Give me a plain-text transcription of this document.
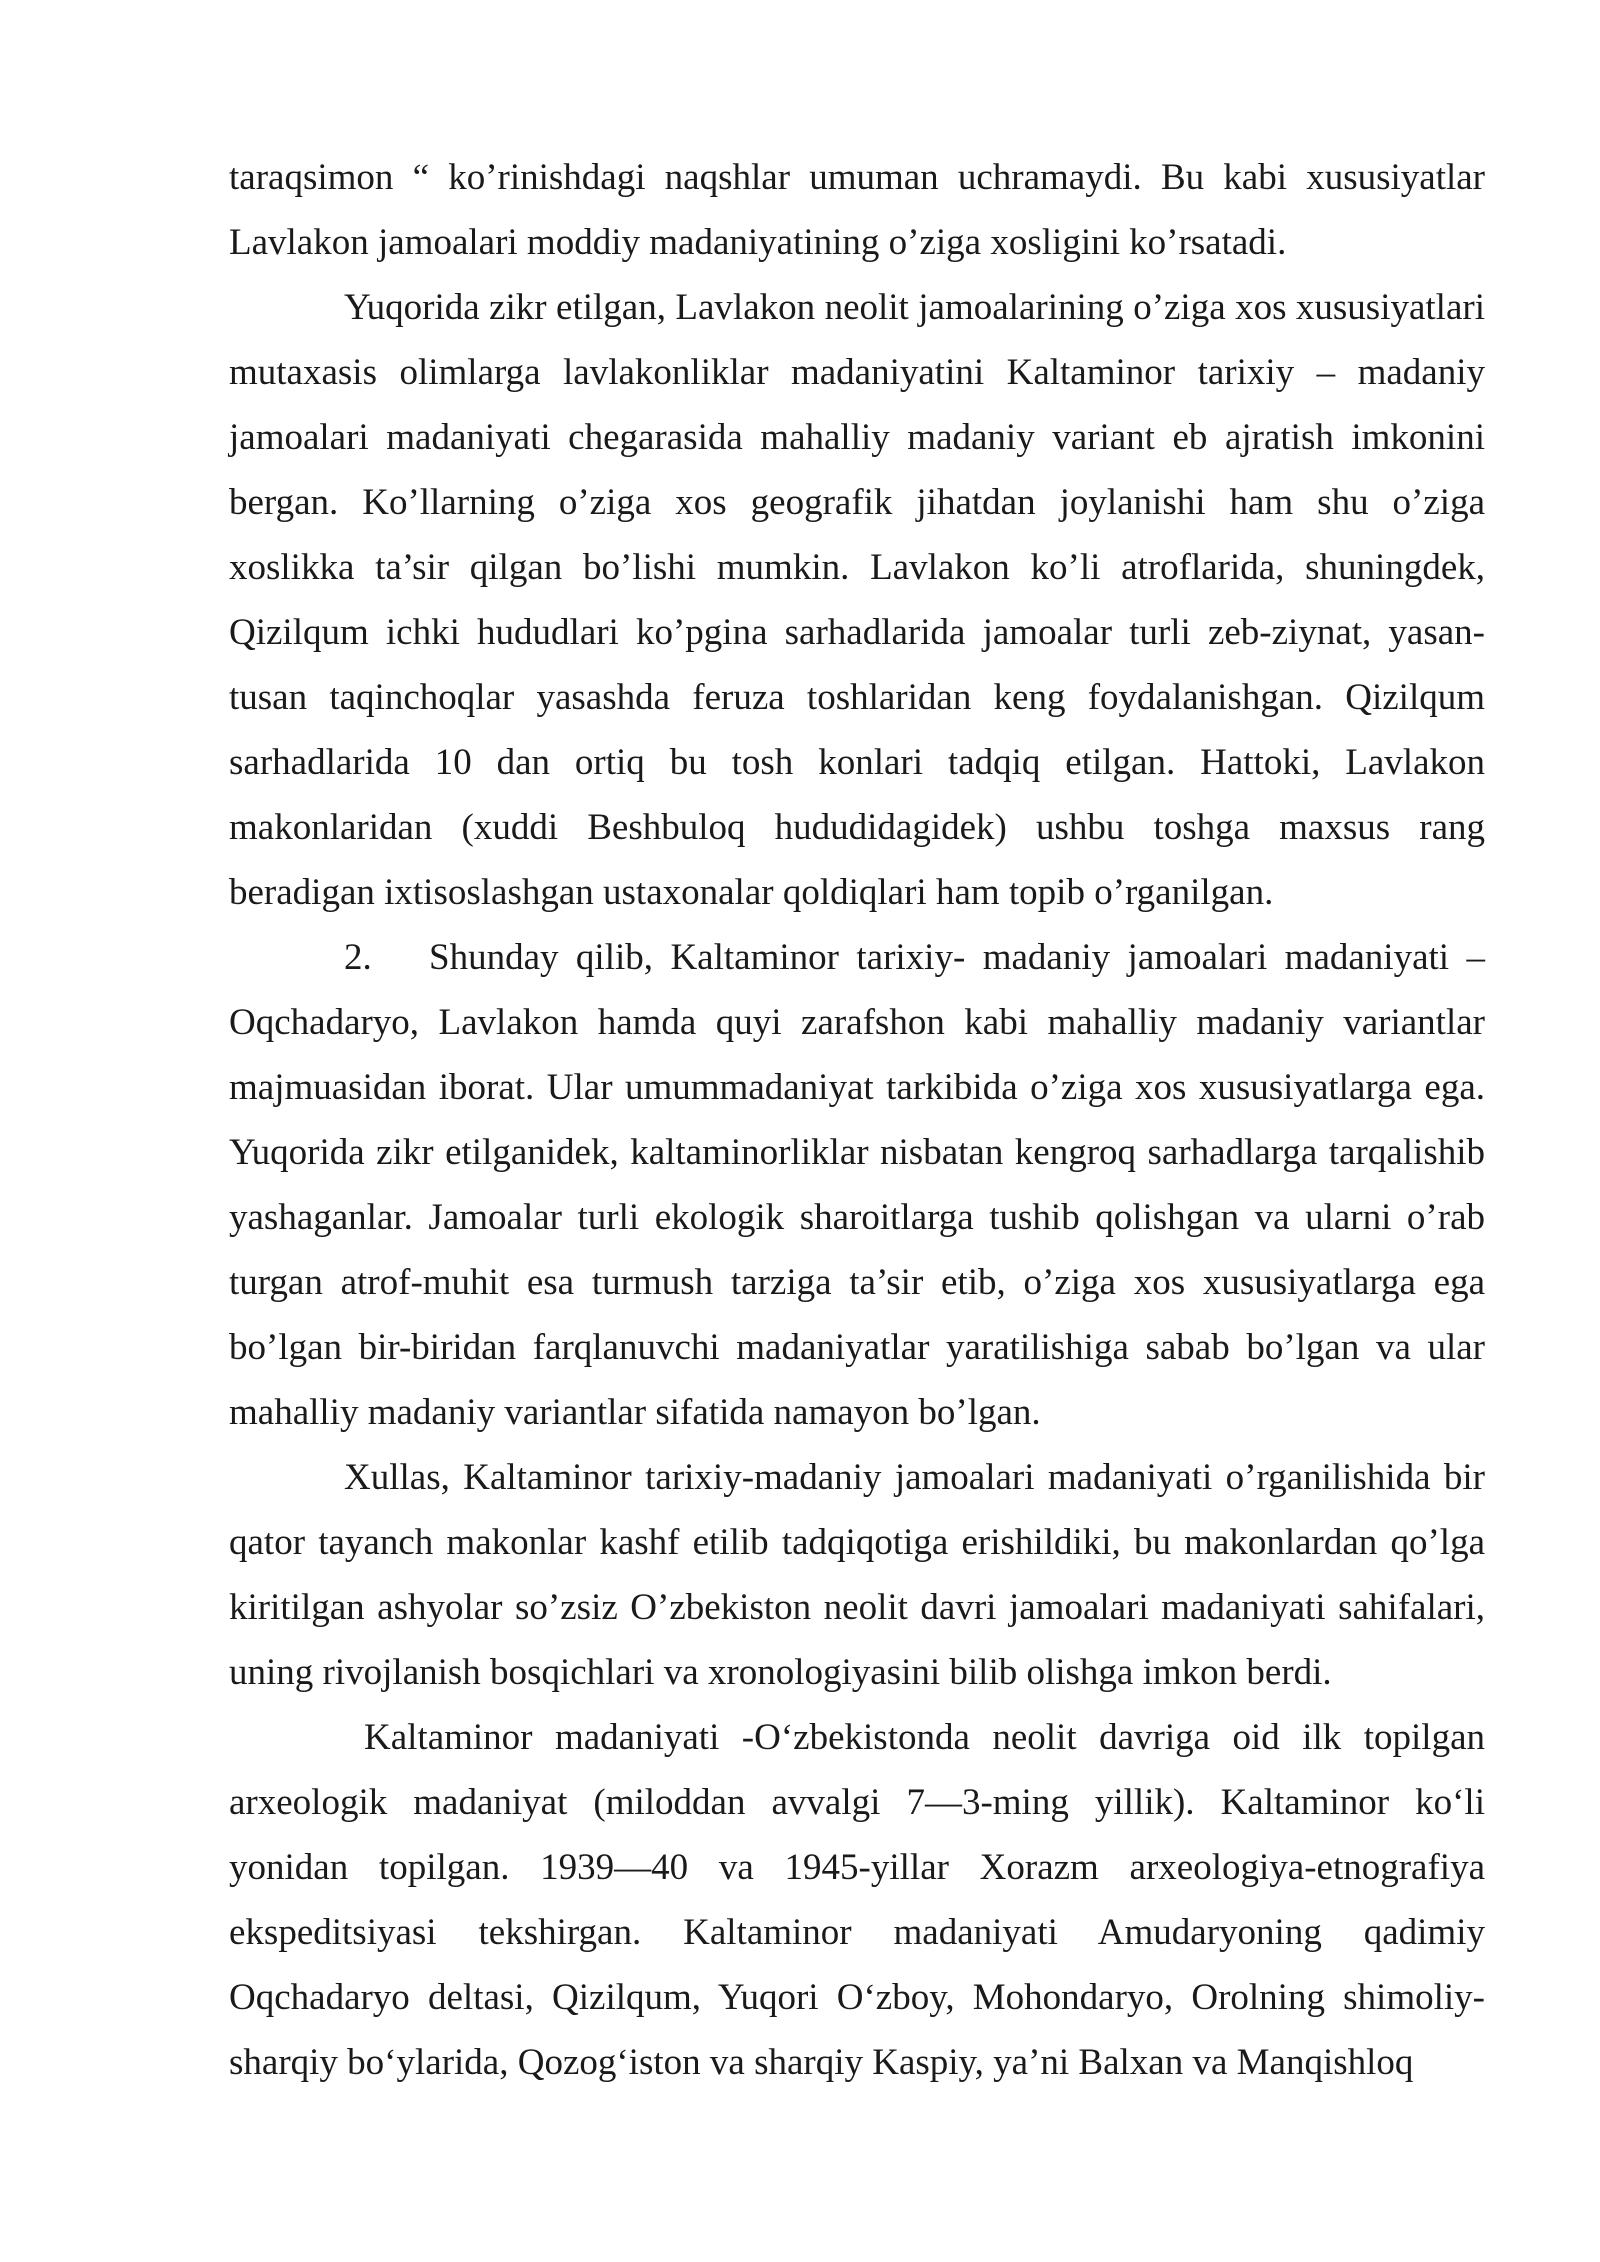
taraqsimon “ ko’rinishdagi naqshlar umuman uchramaydi. Bu kabi xususiyatlar Lavlakon jamoalari moddiy madaniyatining o’ziga xosligini ko’rsatadi.

Yuqorida zikr etilgan, Lavlakon neolit jamoalarining o’ziga xos xususiyatlari mutaxasis olimlarga lavlakonliklar madaniyatini Kaltaminor tarixiy – madaniy jamoalari madaniyati chegarasida mahalliy madaniy variant eb ajratish imkonini bergan. Ko’llarning o’ziga xos geografik jihatdan joylanishi ham shu o’ziga xoslikka ta’sir qilgan bo’lishi mumkin. Lavlakon ko’li atroflarida, shuningdek, Qizilqum ichki hududlari ko’pgina sarhadlarida jamoalar turli zeb-ziynat, yasan-tusan taqinchoqlar yasashda feruza toshlaridan keng foydalanishgan. Qizilqum sarhadlarida 10 dan ortiq bu tosh konlari tadqiq etilgan. Hattoki, Lavlakon makonlaridan (xuddi Beshbuloq hududidagidek) ushbu toshga maxsus rang beradigan ixtisoslashgan ustaxonalar qoldiqlari ham topib o’rganilgan.

2. Shunday qilib, Kaltaminor tarixiy- madaniy jamoalari madaniyati – Oqchadaryo, Lavlakon hamda quyi zarafshon kabi mahalliy madaniy variantlar majmuasidan iborat. Ular umummadaniyat tarkibida o’ziga xos xususiyatlarga ega. Yuqorida zikr etilganidek, kaltaminorliklar nisbatan kengroq sarhadlarga tarqalishib yashaganlar. Jamoalar turli ekologik sharoitlarga tushib qolishgan va ularni o’rab turgan atrof-muhit esa turmush tarziga ta’sir etib, o’ziga xos xususiyatlarga ega bo’lgan bir-biridan farqlanuvchi madaniyatlar yaratilishiga sabab bo’lgan va ular mahalliy madaniy variantlar sifatida namayon bo’lgan.

Xullas, Kaltaminor tarixiy-madaniy jamoalari madaniyati o’rganilishida bir qator tayanch makonlar kashf etilib tadqiqotiga erishildiki, bu makonlardan qo’lga kiritilgan ashyolar so’zsiz O’zbekiston neolit davri jamoalari madaniyati sahifalari, uning rivojlanish bosqichlari va xronologiyasini bilib olishga imkon berdi.

Kaltaminor madaniyati -O‘zbekistonda neolit davriga oid ilk topilgan arxeologik madaniyat (miloddan avvalgi 7—3-ming yillik). Kaltaminor ko‘li yonidan topilgan. 1939—40 va 1945-yillar Xorazm arxeologiya-etnografiya ekspeditsiyasi tekshirgan. Kaltaminor madaniyati Amudaryoning qadimiy Oqchadaryo deltasi, Qizilqum, Yuqori O‘zboy, Mohondaryo, Orolning shimoliy-sharqiy bo‘ylarida, Qozog‘iston va sharqiy Kaspiy, ya’ni Balxan va Manqishloq
